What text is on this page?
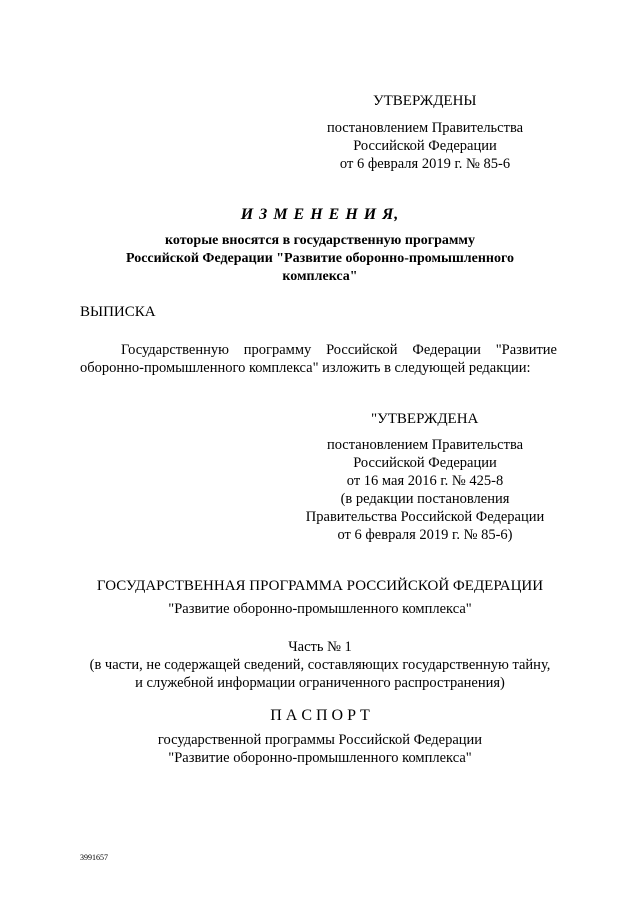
УТВЕРЖДЕНЫ
постановлением Правительства
Российской Федерации
от 6 февраля 2019 г. № 85-6
И З М Е Н Е Н И Я,
которые вносятся в государственную программу
Российской Федерации "Развитие оборонно-промышленного
комплекса"
ВЫПИСКА
Государственную программу Российской Федерации "Развитие
оборонно-промышленного комплекса" изложить в следующей редакции:
"УТВЕРЖДЕНА
постановлением Правительства
Российской Федерации
от 16 мая 2016 г. № 425-8
(в редакции постановления
Правительства Российской Федерации
от 6 февраля 2019 г. № 85-6)
ГОСУДАРСТВЕННАЯ ПРОГРАММА РОССИЙСКОЙ ФЕДЕРАЦИИ
"Развитие оборонно-промышленного комплекса"
Часть № 1
(в части, не содержащей сведений, составляющих государственную тайну,
и служебной информации ограниченного распространения)
П А С П О Р Т
государственной программы Российской Федерации
"Развитие оборонно-промышленного комплекса"
3991657
